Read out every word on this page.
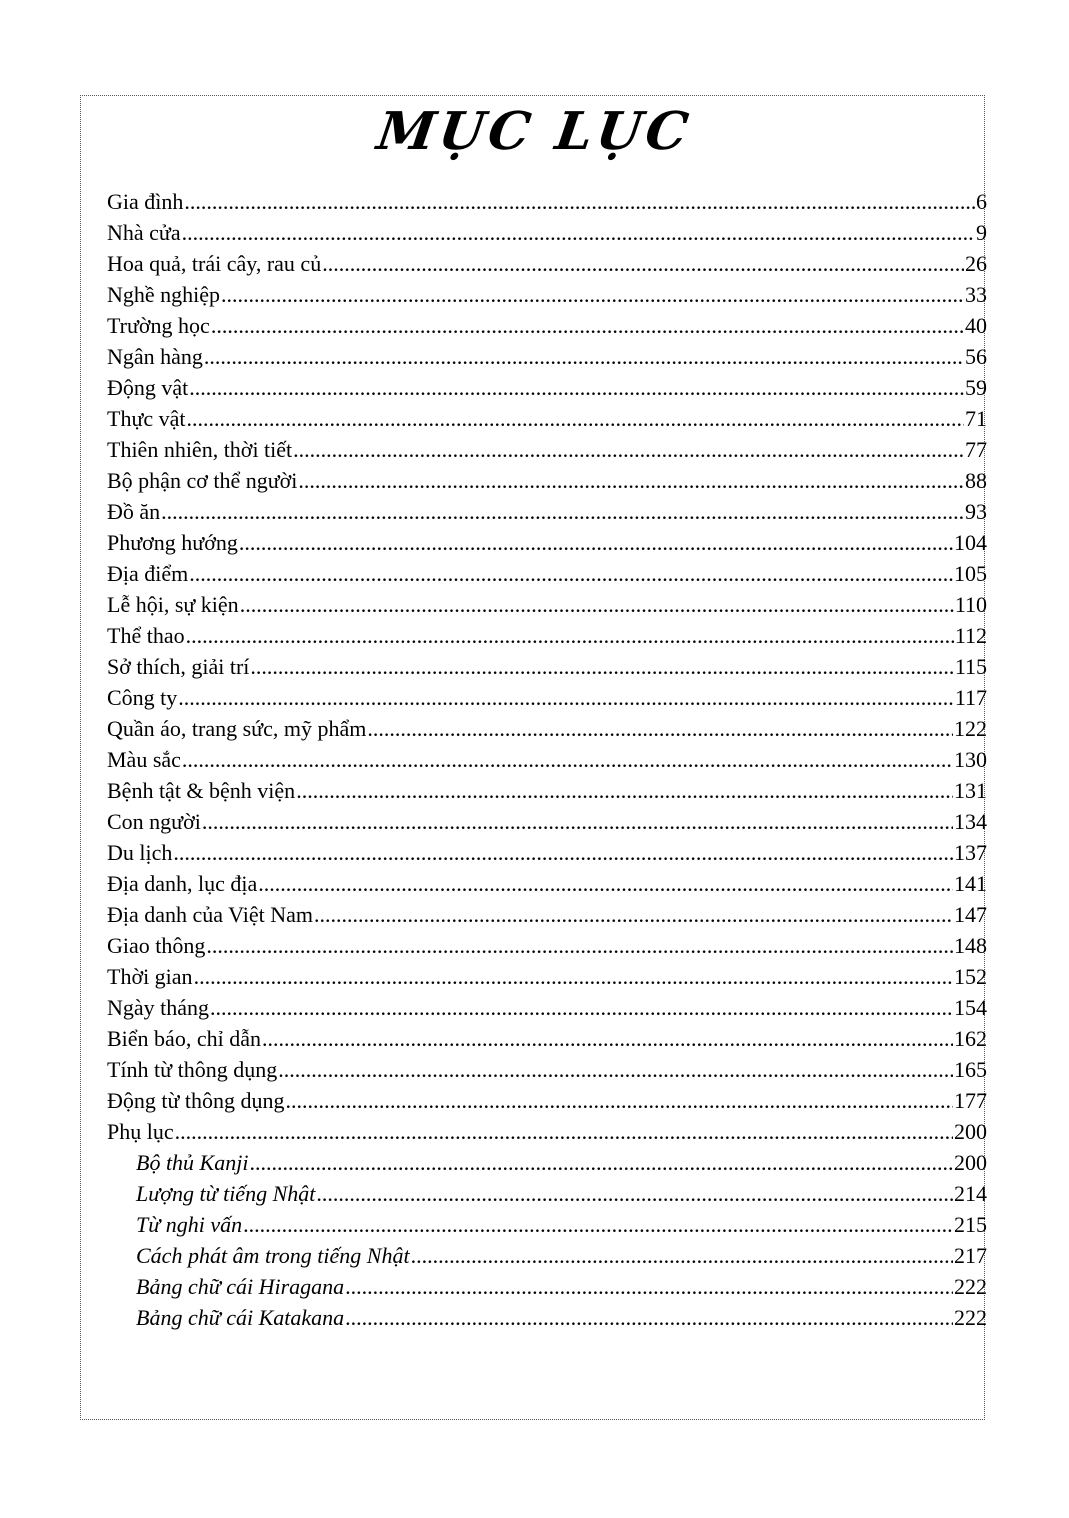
MỤC LỤC
Gia đình .....	6
Nhà cửa .....	9
Hoa quả, trái cây, rau củ .....	26
Nghề nghiệp .....	33
Trường học .....	40
Ngân hàng .....	56
Động vật .....	59
Thực vật .....	71
Thiên nhiên, thời tiết .....	77
Bộ phận cơ thể người .....	88
Đồ ăn .....	93
Phương hướng .....	104
Địa điểm .....	105
Lễ hội, sự kiện .....	110
Thể thao .....	112
Sở thích, giải trí .....	115
Công ty .....	117
Quần áo, trang sức, mỹ phẩm .....	122
Màu sắc .....	130
Bệnh tật & bệnh viện .....	131
Con người .....	134
Du lịch .....	137
Địa danh, lục địa .....	141
Địa danh của Việt Nam .....	147
Giao thông .....	148
Thời gian .....	152
Ngày tháng .....	154
Biển báo, chỉ dẫn .....	162
Tính từ thông dụng .....	165
Động từ thông dụng .....	177
Phụ lục .....	200
Bộ thủ Kanji .....	200
Lượng từ tiếng Nhật .....	214
Từ nghi vấn .....	215
Cách phát âm trong tiếng Nhật .....	217
Bảng chữ cái Hiragana .....	222
Bảng chữ cái Katakana .....	222
